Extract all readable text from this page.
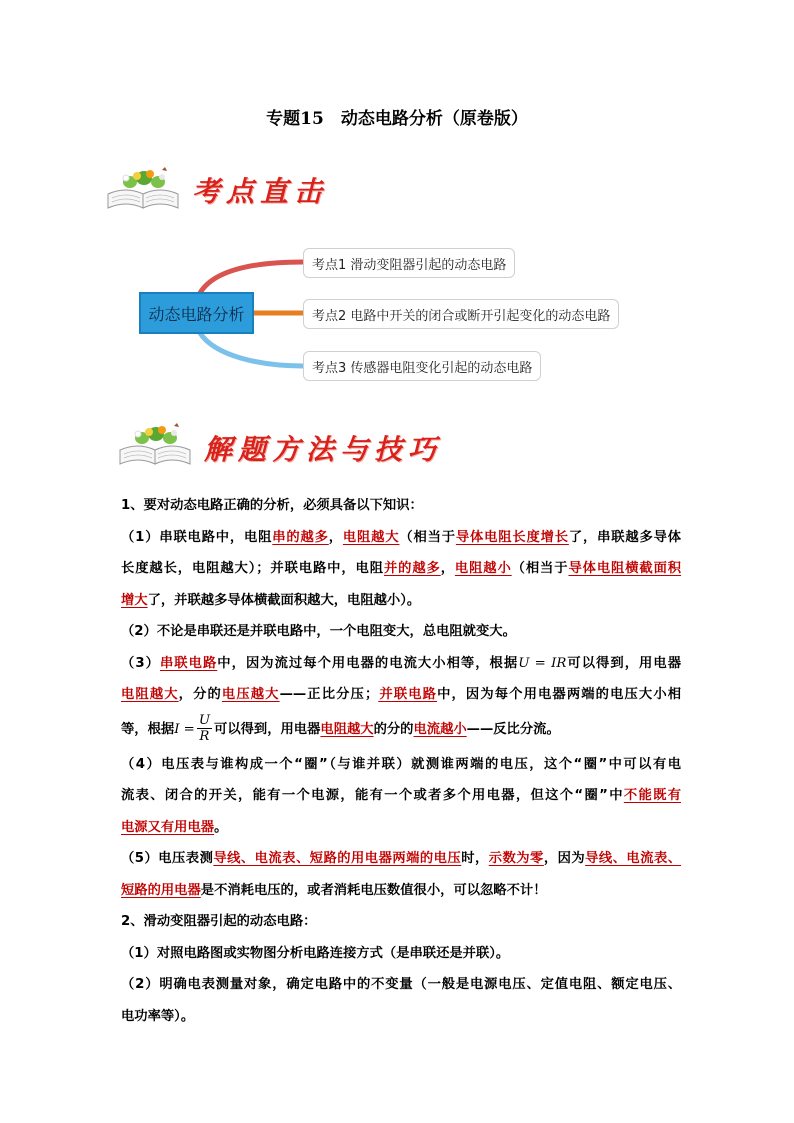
专题15　动态电路分析（原卷版）
考点直击
动态电路分析
考点1 滑动变阻器引起的动态电路
考点2 电路中开关的闭合或断开引起变化的动态电路
考点3 传感器电阻变化引起的动态电路
解题方法与技巧
1、要对动态电路正确的分析，必须具备以下知识：
（1）串联电路中，电阻串的越多，电阻越大（相当于导体电阻长度增长了，串联越多导体
长度越长，电阻越大）；并联电路中，电阻并的越多，电阻越小（相当于导体电阻横截面积
增大了，并联越多导体横截面积越大，电阻越小）。
（2）不论是串联还是并联电路中，一个电阻变大，总电阻就变大。
（3）串联电路中，因为流过每个用电器的电流大小相等，根据U = IR可以得到，用电器
电阻越大，分的电压越大——正比分压；并联电路中，因为每个用电器两端的电压大小相
等，根据$I = \frac{U}{R}$ 可以得到，用电器电阻越大的分的电流越小——反比分流。
（4）电压表与谁构成一个“圈”（与谁并联）就测谁两端的电压，这个“圈”中可以有电
流表、闭合的开关，能有一个电源，能有一个或者多个用电器，但这个“圈”中不能既有
电源又有用电器。
（5）电压表测导线、电流表、短路的用电器两端的电压时，示数为零，因为导线、电流表、
短路的用电器是不消耗电压的，或者消耗电压数值很小，可以忽略不计！
2、滑动变阻器引起的动态电路：
（1）对照电路图或实物图分析电路连接方式（是串联还是并联）。
（2）明确电表测量对象，确定电路中的不变量（一般是电源电压、定值电阻、额定电压、
电功率等）。
